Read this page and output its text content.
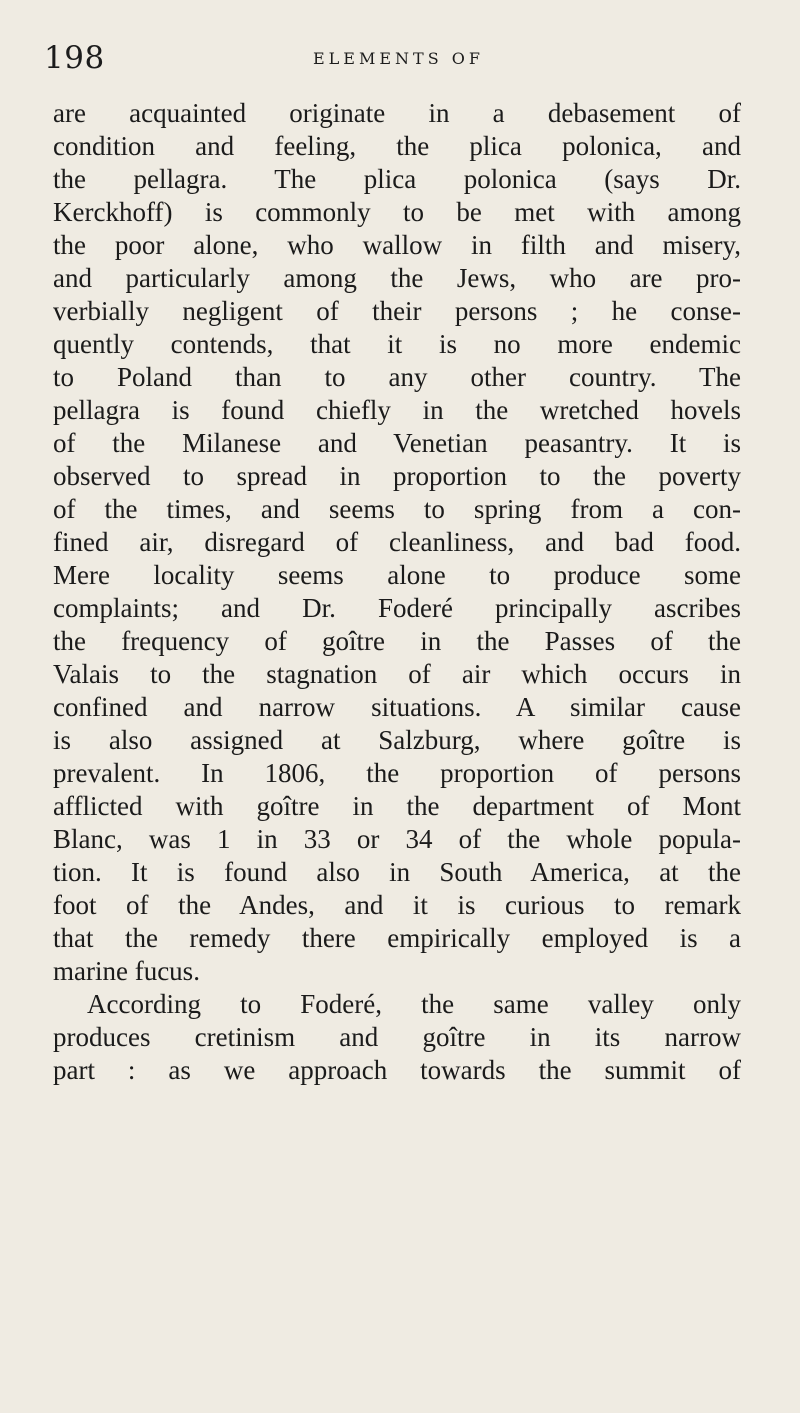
198	ELEMENTS OF
are acquainted originate in a debasement of
condition and feeling, the plica polonica, and
the pellagra. The plica polonica (says Dr.
Kerckhoff) is commonly to be met with among
the poor alone, who wallow in filth and misery,
and particularly among the Jews, who are pro-
verbially negligent of their persons ; he conse-
quently contends, that it is no more endemic
to Poland than to any other country. The
pellagra is found chiefly in the wretched hovels
of the Milanese and Venetian peasantry. It is
observed to spread in proportion to the poverty
of the times, and seems to spring from a con-
fined air, disregard of cleanliness, and bad food.
Mere locality seems alone to produce some
complaints; and Dr. Foderé principally ascribes
the frequency of goître in the Passes of the
Valais to the stagnation of air which occurs in
confined and narrow situations. A similar cause
is also assigned at Salzburg, where goître is
prevalent. In 1806, the proportion of persons
afflicted with goître in the department of Mont
Blanc, was 1 in 33 or 34 of the whole popula-
tion. It is found also in South America, at the
foot of the Andes, and it is curious to remark
that the remedy there empirically employed is a
marine fucus.
According to Foderé, the same valley only
produces cretinism and goître in its narrow
part : as we approach towards the summit of
